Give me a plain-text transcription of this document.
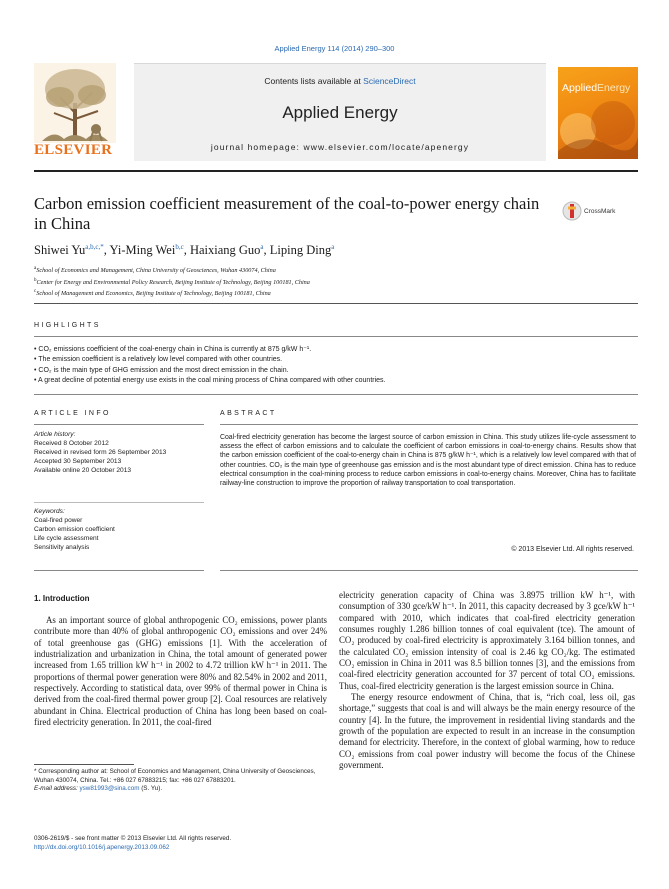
Applied Energy 114 (2014) 290–300
ELSEVIER
Contents lists available at ScienceDirect
Applied Energy
journal homepage: www.elsevier.com/locate/apenergy
AppliedEnergy
Carbon emission coefficient measurement of the coal-to-power energy chain in China
CrossMark
Shiwei $Yu^{a,b,c,*}$, Yi-Ming Wei$^{b,c}$, Haixiang Guo$^a$, Liping Ding$^a$
$^a$School of Economics and Management, China University of Geosciences, Wuhan 430074, China
$^b$Center for Energy and Environmental Policy Research, Beijing Institute of Technology, Beijing 100181, China
$^c$School of Management and Economics, Beijing Institute of Technology, Beijing 100181, China
HIGHLIGHTS
• CO₂ emissions coefficient of the coal-energy chain in China is currently at 875 g/kW h⁻¹.
• The emission coefficient is a relatively low level compared with other countries.
• CO₂ is the main type of GHG emission and the most direct emission in the chain.
• A great decline of potential energy use exists in the coal mining process of China compared with other countries.
ARTICLE INFO
Article history:
Received 8 October 2012
Received in revised form 26 September 2013
Accepted 30 September 2013
Available online 20 October 2013
Keywords:
Coal-fired power
Carbon emission coefficient
Life cycle assessment
Sensitivity analysis
ABSTRACT
Coal-fired electricity generation has become the largest source of carbon emission in China. This study utilizes life-cycle assessment to assess the effect of carbon emissions and to calculate the coefficient of carbon emissions in coal-to-energy chains. Results show that the carbon emission coefficient of the coal-to-energy chain in China is 875 g/kW h⁻¹, which is a relatively low level compared with that of other countries. CO₂ is the main type of greenhouse gas emission and is the most abundant type of direct emission. China has to reduce electrical consumption in the coal-mining process to reduce carbon emissions in coal-to-energy chains. Moreover, China has to facilitate railway-line construction to improve the proportion of railway transportation to coal transportation.
© 2013 Elsevier Ltd. All rights reserved.
1. Introduction

As an important source of global anthropogenic CO₂ emissions, power plants contribute more than 40% of global anthropogenic CO₂ emissions and over 24% of total greenhouse gas (GHG) emissions [1]. With the acceleration of industrialization and urbanization in China, the total amount of generated power increased from 1.65 trillion kW h⁻¹ in 2002 to 4.72 trillion kW h⁻¹ in 2011. The proportions of thermal power generation were 80% and 82.54% in 2002 and 2011, respectively. According to statistical data, over 99% of thermal power in China is derived from the coal-fired thermal power group [2]. Coal resources are relatively abundant in China. Electrical production of China has long been based on coal-fired electricity generation. In 2011, the coal-fired

electricity generation capacity of China was 3.8975 trillion kW h⁻¹, with consumption of 330 gce/kW h⁻¹. In 2011, this capacity decreased by 3 gce/kW h⁻¹ compared with 2010, which indicates that coal-fired electricity generation consumes roughly 1.286 billion tonnes of coal equivalent (tce). The amount of CO₂ produced by coal-fired electricity is approximately 3.164 billion tonnes, and the calculated CO₂ emission intensity of coal is 2.46 kg CO₂/kg. The estimated CO₂ emission in China in 2011 was 8.5 billion tonnes [3], and the emissions from coal-fired electricity generation accounted for 37 percent of total CO₂ emissions. Thus, coal-fired electricity generation is the largest emission source in China.

The energy resource endowment of China, that is, “rich coal, less oil, gas shortage,” suggests that coal is and will always be the main energy resource of the country [4]. In the future, the improvement in residential living standards and the growth of the population are expected to result in an increase in the consumption demand for electricity. Therefore, in the context of global warming, how to reduce CO₂ emissions from coal power industry will become the focus of the Chinese government.

* Corresponding author at: School of Economics and Management, China University of Geosciences, Wuhan 430074, China. Tel.: +86 027 67883215; fax: +86 027 67883201.
E-mail address: ysw81993@sina.com (S. Yu).
0306-2619/$ - see front matter © 2013 Elsevier Ltd. All rights reserved.
http://dx.doi.org/10.1016/j.apenergy.2013.09.062
